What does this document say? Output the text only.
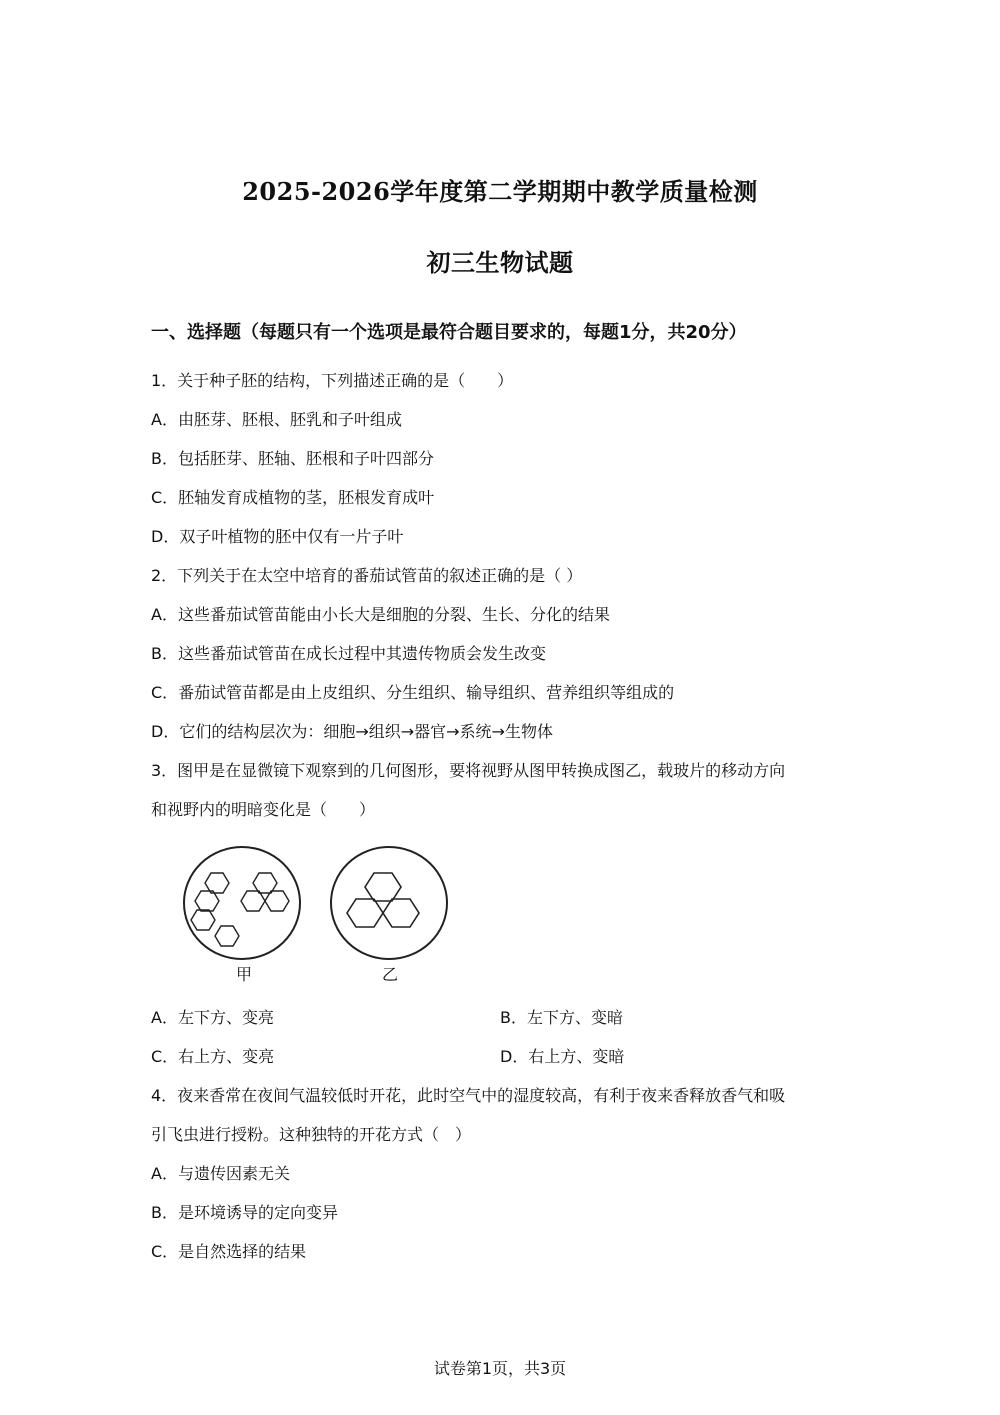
2025-2026学年度第二学期期中教学质量检测
初三生物试题
一、选择题（每题只有一个选项是最符合题目要求的，每题1分，共20分）
1．关于种子胚的结构，下列描述正确的是（　　）
A．由胚芽、胚根、胚乳和子叶组成
B．包括胚芽、胚轴、胚根和子叶四部分
C．胚轴发育成植物的茎，胚根发育成叶
D．双子叶植物的胚中仅有一片子叶
2．下列关于在太空中培育的番茄试管苗的叙述正确的是（ ）
A．这些番茄试管苗能由小长大是细胞的分裂、生长、分化的结果
B．这些番茄试管苗在成长过程中其遗传物质会发生改变
C．番茄试管苗都是由上皮组织、分生组织、输导组织、营养组织等组成的
D．它们的结构层次为：细胞→组织→器官→系统→生物体
3．图甲是在显微镜下观察到的几何图形，要将视野从图甲转换成图乙，载玻片的移动方向
和视野内的明暗变化是（　　）
甲	乙
A．左下方、变亮	B．左下方、变暗
C．右上方、变亮	D．右上方、变暗
4．夜来香常在夜间气温较低时开花，此时空气中的湿度较高，有利于夜来香释放香气和吸
引飞虫进行授粉。这种独特的开花方式（　）
A．与遗传因素无关
B．是环境诱导的定向变异
C．是自然选择的结果
试卷第1页，共3页
